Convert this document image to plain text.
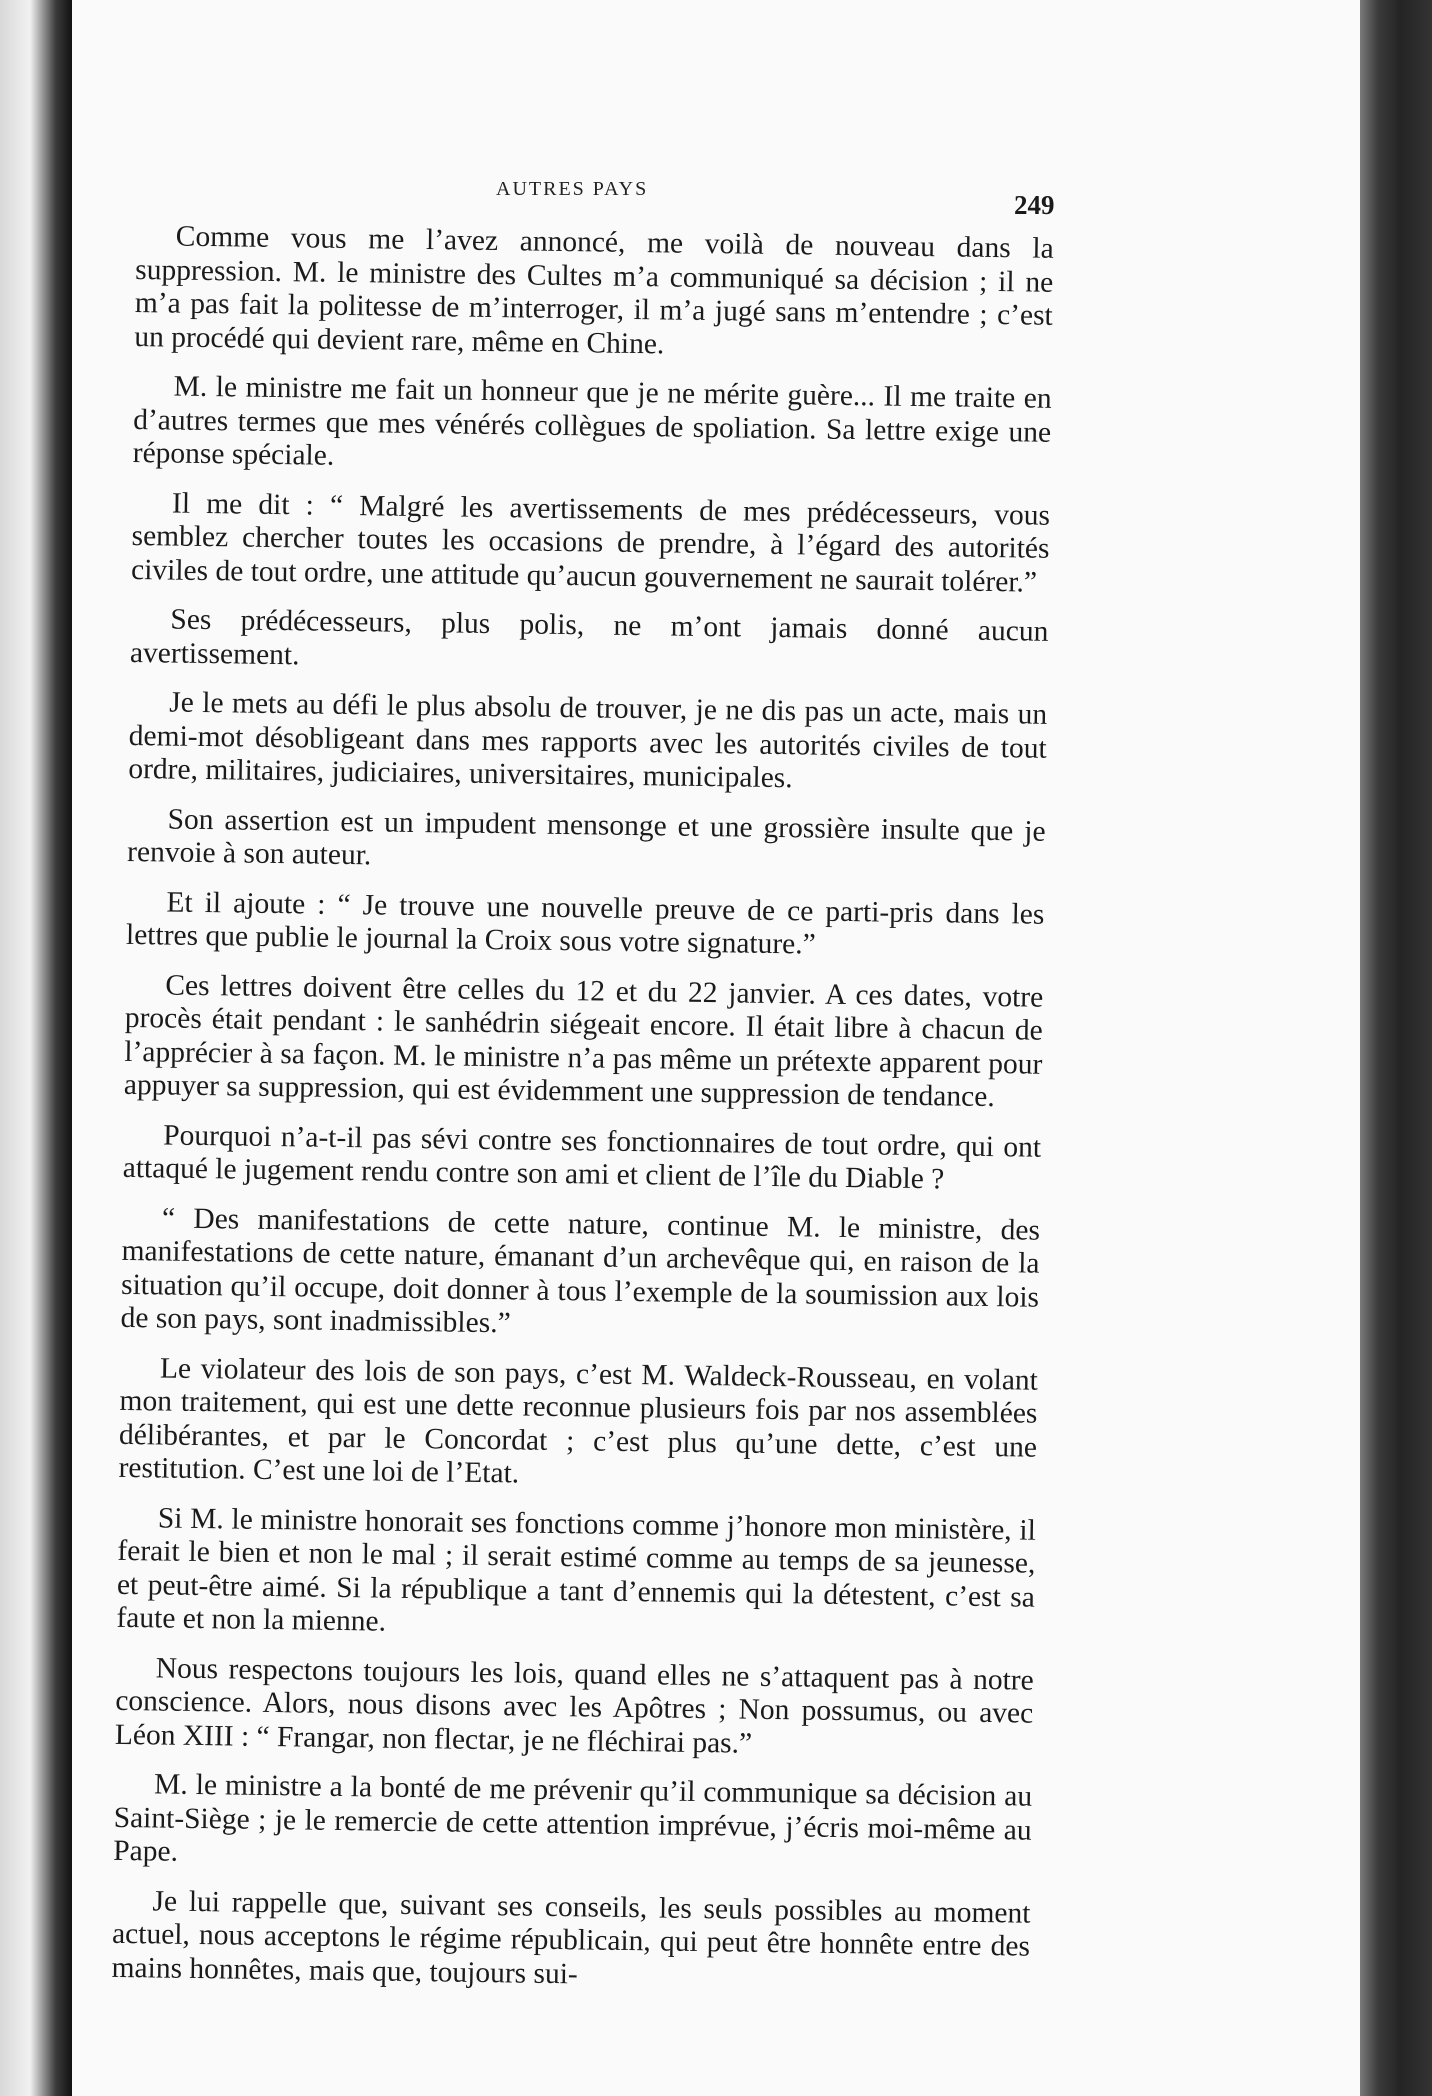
AUTRES PAYS
249

Comme vous me l’avez annoncé, me voilà de nouveau dans la suppression. M. le ministre des Cultes m’a communiqué sa décision ; il ne m’a pas fait la politesse de m’interroger, il m’a jugé sans m’entendre ; c’est un procédé qui devient rare, même en Chine.

M. le ministre me fait un honneur que je ne mérite guère... Il me traite en d’autres termes que mes vénérés collègues de spoliation. Sa lettre exige une réponse spéciale.

Il me dit : “ Malgré les avertissements de mes prédécesseurs, vous semblez chercher toutes les occasions de prendre, à l’égard des autorités civiles de tout ordre, une attitude qu’aucun gouvernement ne saurait tolérer.”

Ses prédécesseurs, plus polis, ne m’ont jamais donné aucun avertissement.

Je le mets au défi le plus absolu de trouver, je ne dis pas un acte, mais un demi-mot désobligeant dans mes rapports avec les autorités civiles de tout ordre, militaires, judiciaires, universitaires, municipales.

Son assertion est un impudent mensonge et une grossière insulte que je renvoie à son auteur.

Et il ajoute : “ Je trouve une nouvelle preuve de ce parti-pris dans les lettres que publie le journal la Croix sous votre signature.”

Ces lettres doivent être celles du 12 et du 22 janvier. A ces dates, votre procès était pendant : le sanhédrin siégeait encore. Il était libre à chacun de l’apprécier à sa façon. M. le ministre n’a pas même un prétexte apparent pour appuyer sa suppression, qui est évidemment une suppression de tendance.

Pourquoi n’a-t-il pas sévi contre ses fonctionnaires de tout ordre, qui ont attaqué le jugement rendu contre son ami et client de l’île du Diable ?

“ Des manifestations de cette nature, continue M. le ministre, des manifestations de cette nature, émanant d’un archevêque qui, en raison de la situation qu’il occupe, doit donner à tous l’exemple de la soumission aux lois de son pays, sont inadmissibles.”

Le violateur des lois de son pays, c’est M. Waldeck-Rousseau, en volant mon traitement, qui est une dette reconnue plusieurs fois par nos assemblées délibérantes, et par le Concordat ; c’est plus qu’une dette, c’est une restitution. C’est une loi de l’Etat.

Si M. le ministre honorait ses fonctions comme j’honore mon ministère, il ferait le bien et non le mal ; il serait estimé comme au temps de sa jeunesse, et peut-être aimé. Si la république a tant d’ennemis qui la détestent, c’est sa faute et non la mienne.

Nous respectons toujours les lois, quand elles ne s’attaquent pas à notre conscience. Alors, nous disons avec les Apôtres ; Non possumus, ou avec Léon XIII : “ Frangar, non flectar, je ne fléchirai pas.”

M. le ministre a la bonté de me prévenir qu’il communique sa décision au Saint-Siège ; je le remercie de cette attention imprévue, j’écris moi-même au Pape.

Je lui rappelle que, suivant ses conseils, les seuls possibles au moment actuel, nous acceptons le régime républicain, qui peut être honnête entre des mains honnêtes, mais que, toujours sui-
